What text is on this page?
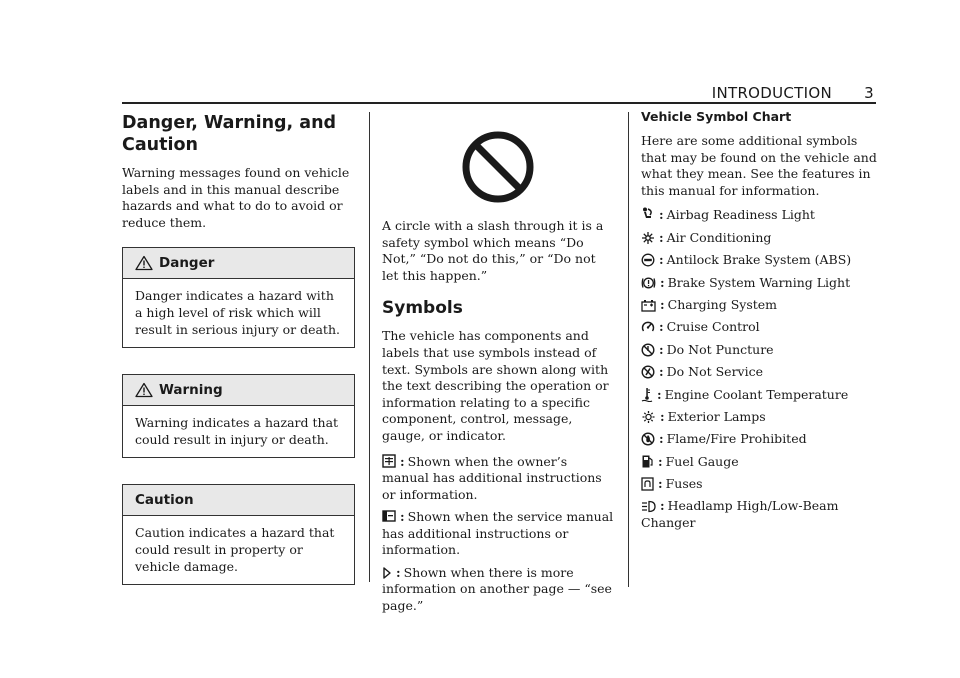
INTRODUCTION 3
Danger, Warning, and Caution

Warning messages found on vehicle labels and in this manual describe hazards and what to do to avoid or reduce them.

Danger

Danger indicates a hazard with a high level of risk which will result in serious injury or death.

Warning

Warning indicates a hazard that could result in injury or death.

Caution

Caution indicates a hazard that could result in property or vehicle damage.

A circle with a slash through it is a safety symbol which means “Do Not,” “Do not do this,” or “Do not let this happen.”

Symbols

The vehicle has components and labels that use symbols instead of text. Symbols are shown along with the text describing the operation or information relating to a specific component, control, message, gauge, or indicator.

: Shown when the owner’s manual has additional instructions or information.

: Shown when the service manual has additional instructions or information.

: Shown when there is more information on another page — “see page.”

Vehicle Symbol Chart

Here are some additional symbols that may be found on the vehicle and what they mean. See the features in this manual for information.

: Airbag Readiness Light

: Air Conditioning

: Antilock Brake System (ABS)

: Brake System Warning Light

: Charging System

: Cruise Control

: Do Not Puncture

: Do Not Service

: Engine Coolant Temperature

: Exterior Lamps

: Flame/Fire Prohibited

: Fuel Gauge

: Fuses

: Headlamp High/Low-Beam Changer
